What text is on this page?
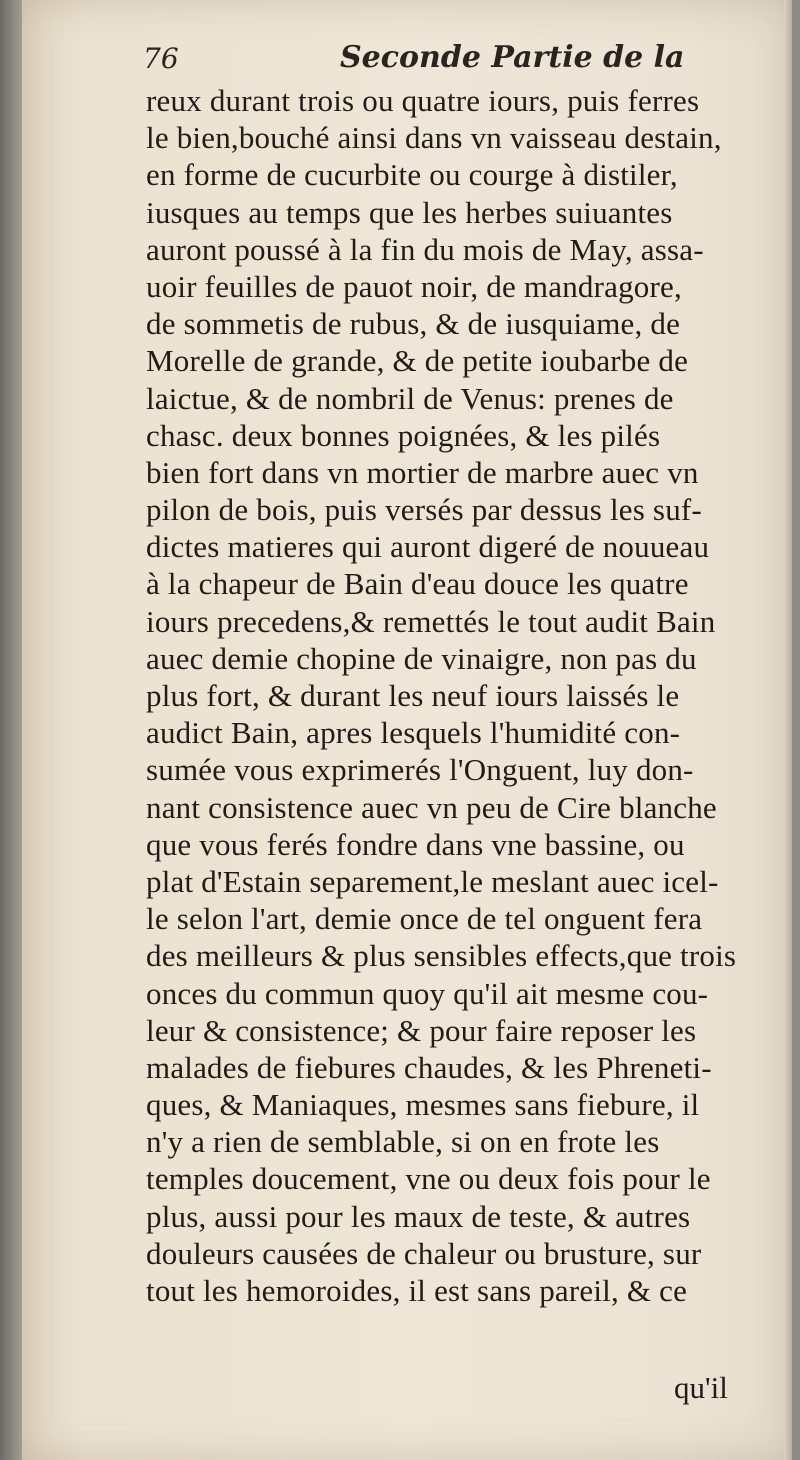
76	Seconde Partie de la
reux durant trois ou quatre iours, puis ferres
le bien,bouché ainsi dans vn vaisseau destain,
en forme de cucurbite ou courge à distiler,
iusques au temps que les herbes suiuantes
auront poussé à la fin du mois de May, assa-
uoir feuilles de pauot noir, de mandragore,
de sommetis de rubus, & de iusquiame, de
Morelle de grande, & de petite ioubarbe de
laictue, & de nombril de Venus: prenes de
chasc. deux bonnes poignées, & les pilés
bien fort dans vn mortier de marbre auec vn
pilon de bois, puis versés par dessus les suf-
dictes matieres qui auront digeré de nouueau
à la chapeur de Bain d'eau douce les quatre
iours precedens,& remettés le tout audit Bain
auec demie chopine de vinaigre, non pas du
plus fort, & durant les neuf iours laissés le
audict Bain, apres lesquels l'humidité con-
sumée vous exprimerés l'Onguent, luy don-
nant consistence auec vn peu de Cire blanche
que vous ferés fondre dans vne bassine, ou
plat d'Estain separement,le meslant auec icel-
le selon l'art, demie once de tel onguent fera
des meilleurs & plus sensibles effects,que trois
onces du commun quoy qu'il ait mesme cou-
leur & consistence; & pour faire reposer les
malades de fiebures chaudes, & les Phreneti-
ques, & Maniaques, mesmes sans fiebure, il
n'y a rien de semblable, si on en frote les
temples doucement, vne ou deux fois pour le
plus, aussi pour les maux de teste, & autres
douleurs causées de chaleur ou brusture, sur
tout les hemoroides, il est sans pareil, & ce
qu'il
